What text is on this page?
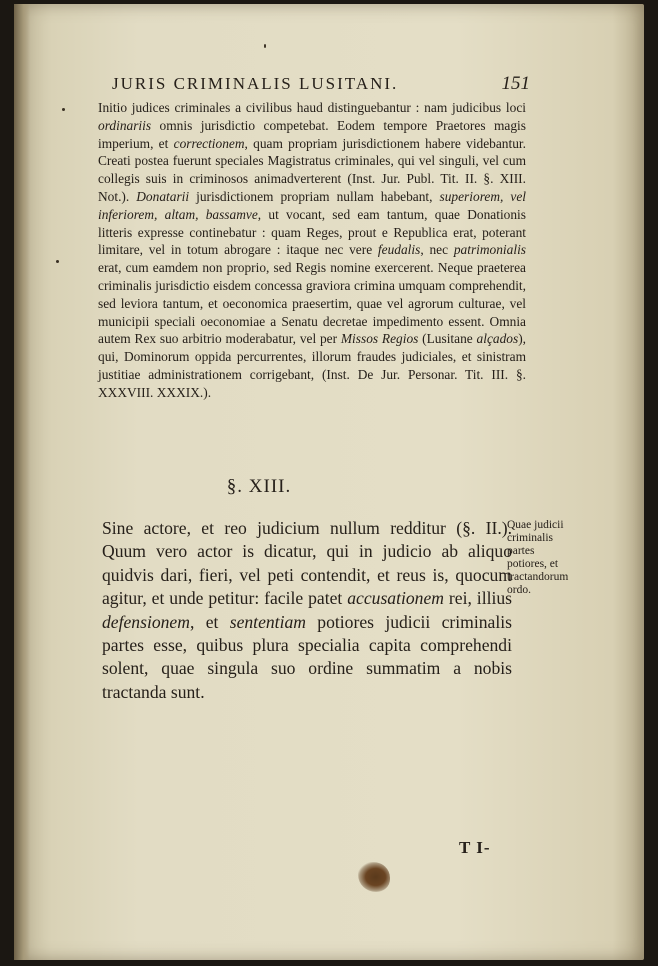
JURIS CRIMINALIS LUSITANI.	151

Initio judices criminales a civilibus haud distinguebantur : nam judicibus loci ordinariis omnis jurisdictio competebat. Eodem tempore Praetores magis imperium, et correctionem, quam propriam jurisdictionem habere videbantur. Creati postea fuerunt speciales Magistratus criminales, qui vel singuli, vel cum collegis suis in criminosos animadverterent (Inst. Jur. Publ. Tit. II. §. XIII. Not.). Donatarii jurisdictionem propriam nullam habebant, superiorem, vel inferiorem, altam, bassamve, ut vocant, sed eam tantum, quae Donationis litteris expresse continebatur : quam Reges, prout e Republica erat, poterant limitare, vel in totum abrogare : itaque nec vere feudalis, nec patrimonialis erat, cum eamdem non proprio, sed Regis nomine exercerent. Neque praeterea criminalis jurisdictio eisdem concessa graviora crimina umquam comprehendit, sed leviora tantum, et oeconomica praesertim, quae vel agrorum culturae, vel municipii speciali oeconomiae a Senatu decretae impedimento essent. Omnia autem Rex suo arbitrio moderabatur, vel per Missos Regios (Lusitane alçados), qui, Dominorum oppida percurrentes, illorum fraudes judiciales, et sinistram justitiae administrationem corrigebant, (Inst. De Jur. Personar. Tit. III. §. XXXVIII. XXXIX.).

§. XIII.

Sine actore, et reo judicium nullum redditur (§. II.). Quum vero actor is dicatur, qui in judicio ab aliquo quidvis dari, fieri, vel peti contendit, et reus is, quocum agitur, et unde petitur: facile patet accusationem rei, illius defensionem, et sententiam potiores judicii criminalis partes esse, quibus plura specialia capita comprehendi solent, quae singula suo ordine summatim a nobis tractanda sunt.

Quae judicii criminalis partes potiores, et tractandorum ordo.
T I-
